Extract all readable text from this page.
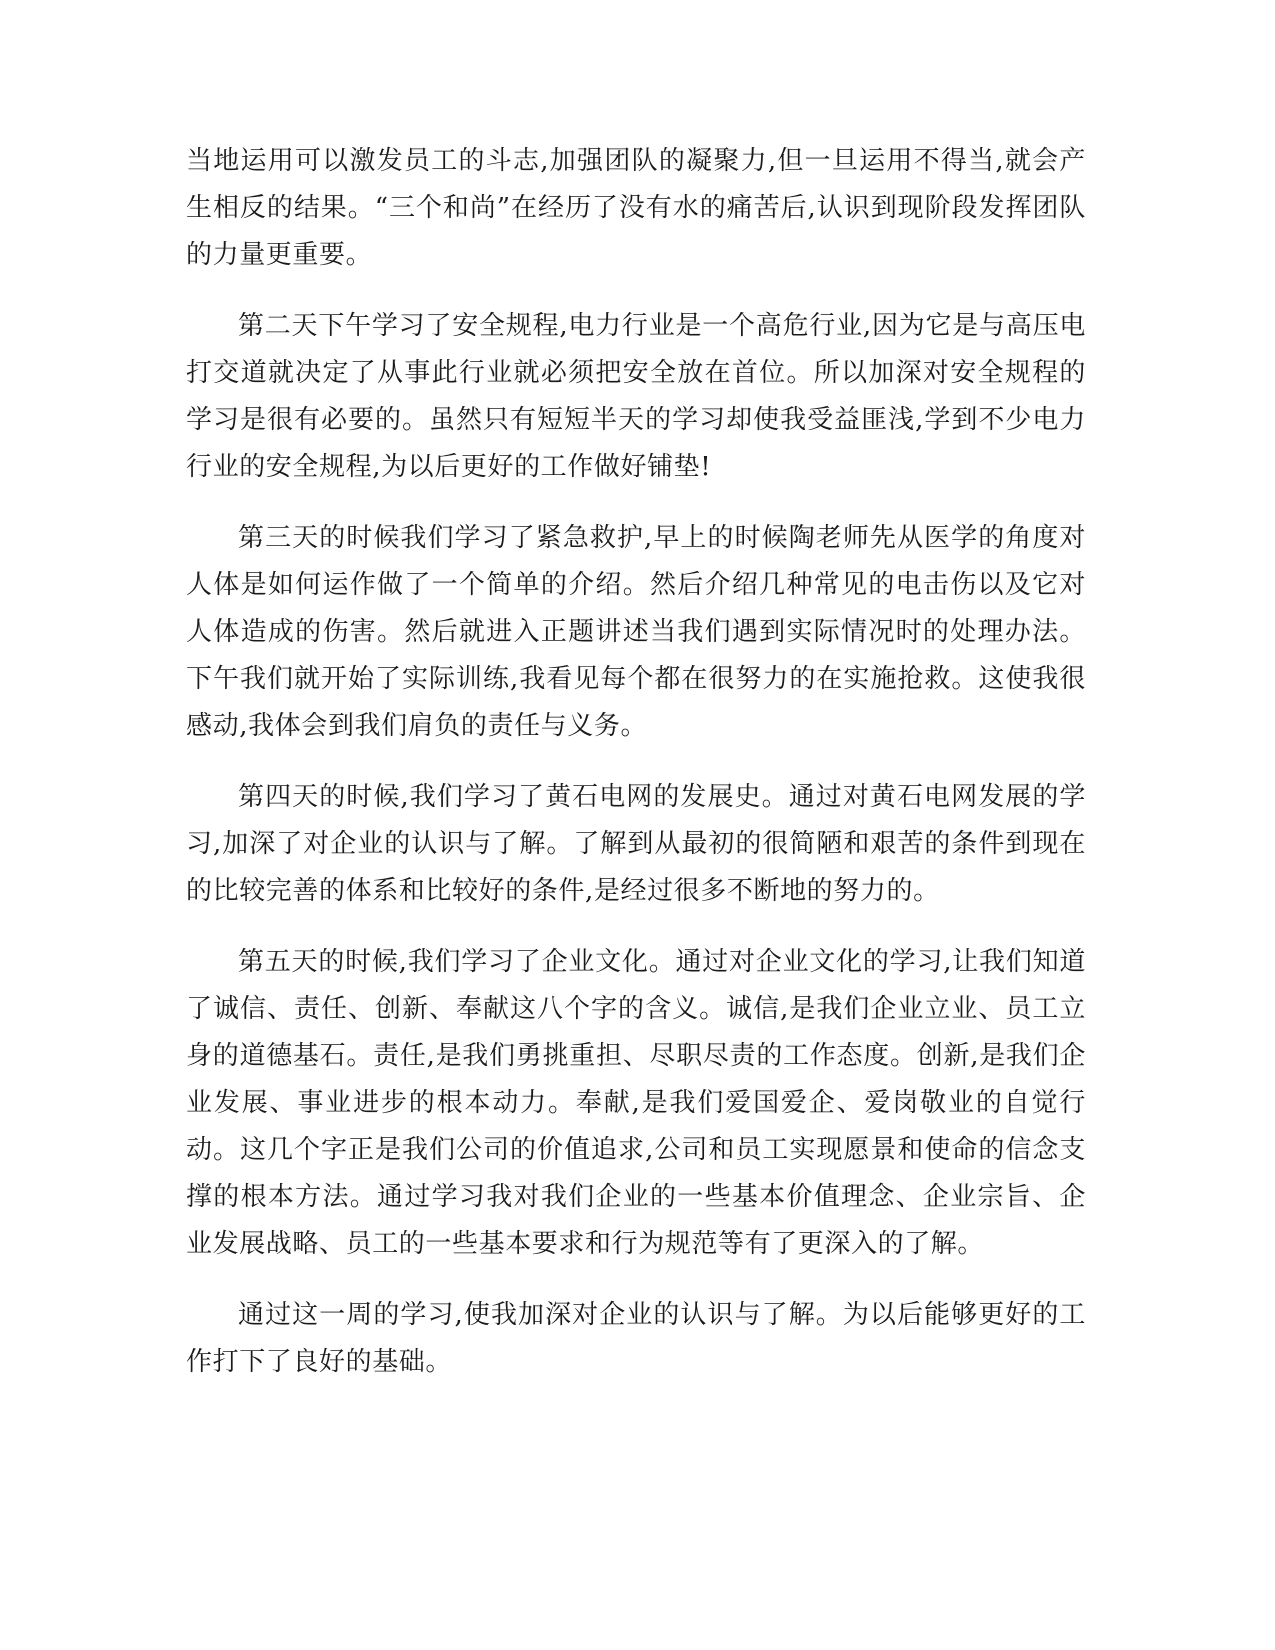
当地运用可以激发员工的斗志,加强团队的凝聚力,但一旦运用不得当,就会产生相反的结果。“三个和尚”在经历了没有水的痛苦后,认识到现阶段发挥团队的力量更重要。

第二天下午学习了安全规程,电力行业是一个高危行业,因为它是与高压电打交道就决定了从事此行业就必须把安全放在首位。所以加深对安全规程的学习是很有必要的。虽然只有短短半天的学习却使我受益匪浅,学到不少电力行业的安全规程,为以后更好的工作做好铺垫!

第三天的时候我们学习了紧急救护,早上的时候陶老师先从医学的角度对人体是如何运作做了一个简单的介绍。然后介绍几种常见的电击伤以及它对人体造成的伤害。然后就进入正题讲述当我们遇到实际情况时的处理办法。下午我们就开始了实际训练,我看见每个都在很努力的在实施抢救。这使我很感动,我体会到我们肩负的责任与义务。

第四天的时候,我们学习了黄石电网的发展史。通过对黄石电网发展的学习,加深了对企业的认识与了解。了解到从最初的很简陋和艰苦的条件到现在的比较完善的体系和比较好的条件,是经过很多不断地的努力的。

第五天的时候,我们学习了企业文化。通过对企业文化的学习,让我们知道了诚信、责任、创新、奉献这八个字的含义。诚信,是我们企业立业、员工立身的道德基石。责任,是我们勇挑重担、尽职尽责的工作态度。创新,是我们企业发展、事业进步的根本动力。奉献,是我们爱国爱企、爱岗敬业的自觉行动。这几个字正是我们公司的价值追求,公司和员工实现愿景和使命的信念支撑的根本方法。通过学习我对我们企业的一些基本价值理念、企业宗旨、企业发展战略、员工的一些基本要求和行为规范等有了更深入的了解。

通过这一周的学习,使我加深对企业的认识与了解。为以后能够更好的工作打下了良好的基础。
